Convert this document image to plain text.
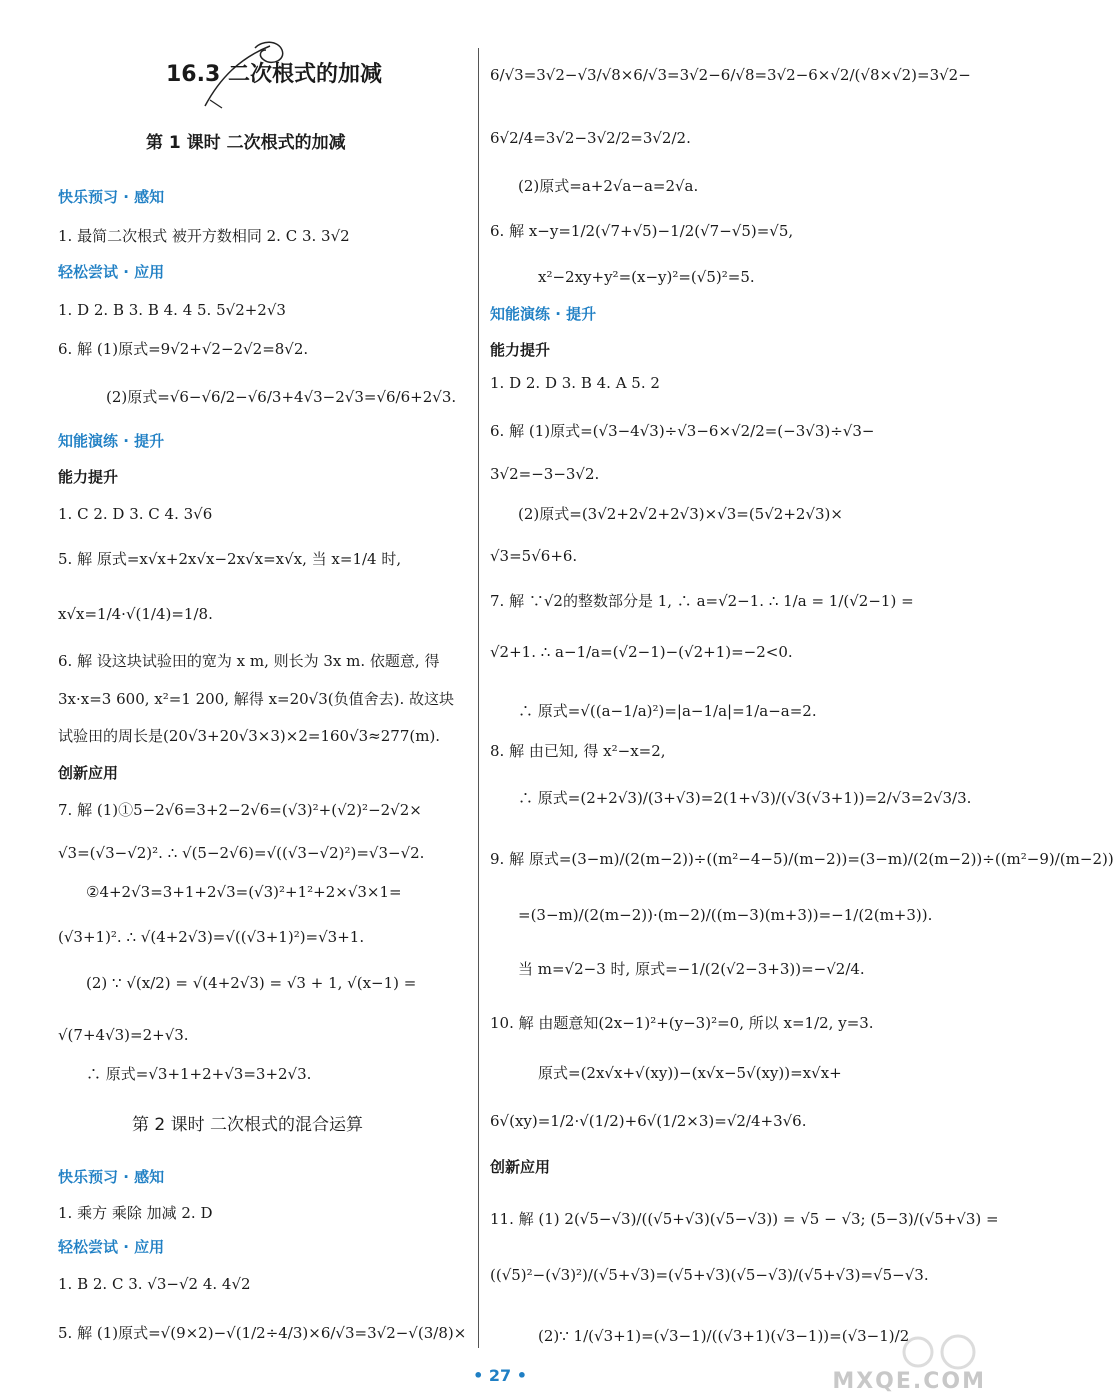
16.3 二次根式的加减
第 1 课时 二次根式的加减
快乐预习 · 感知
1. 最简二次根式 被开方数相同 2. C 3. 3√2
轻松尝试 · 应用
1. D 2. B 3. B 4. 4 5. 5√2+2√3
6. 解 (1)原式=9√2+√2−2√2=8√2.
(2)原式=√6−√6/2−√6/3+4√3−2√3=√6/6+2√3.
知能演练 · 提升
能力提升
1. C 2. D 3. C 4. 3√6
5. 解 原式=x√x+2x√x−2x√x=x√x, 当 x=1/4 时,
x√x=1/4·√(1/4)=1/8.
6. 解 设这块试验田的宽为 x m, 则长为 3x m. 依题意, 得
3x·x=3 600, x²=1 200, 解得 x=20√3(负值舍去). 故这块
试验田的周长是(20√3+20√3×3)×2=160√3≈277(m).
创新应用
7. 解 (1)①5−2√6=3+2−2√6=(√3)²+(√2)²−2√2×
√3=(√3−√2)². ∴ √(5−2√6)=√((√3−√2)²)=√3−√2.
②4+2√3=3+1+2√3=(√3)²+1²+2×√3×1=
(√3+1)². ∴ √(4+2√3)=√((√3+1)²)=√3+1.
(2) ∵ √(x/2) = √(4+2√3) = √3 + 1, √(x−1) =
√(7+4√3)=2+√3.
∴ 原式=√3+1+2+√3=3+2√3.
第 2 课时 二次根式的混合运算
快乐预习 · 感知
1. 乘方 乘除 加减 2. D
轻松尝试 · 应用
1. B 2. C 3. √3−√2 4. 4√2
5. 解 (1)原式=√(9×2)−√(1/2÷4/3)×6/√3=3√2−√(3/8)×
6/√3=3√2−√3/√8×6/√3=3√2−6/√8=3√2−6×√2/(√8×√2)=3√2−
6√2/4=3√2−3√2/2=3√2/2.
(2)原式=a+2√a−a=2√a.
6. 解 x−y=1/2(√7+√5)−1/2(√7−√5)=√5,
x²−2xy+y²=(x−y)²=(√5)²=5.
知能演练 · 提升
能力提升
1. D 2. D 3. B 4. A 5. 2
6. 解 (1)原式=(√3−4√3)÷√3−6×√2/2=(−3√3)÷√3−
3√2=−3−3√2.
(2)原式=(3√2+2√2+2√3)×√3=(5√2+2√3)×
√3=5√6+6.
7. 解 ∵√2的整数部分是 1, ∴ a=√2−1. ∴ 1/a = 1/(√2−1) =
√2+1. ∴ a−1/a=(√2−1)−(√2+1)=−2<0.
∴ 原式=√((a−1/a)²)=|a−1/a|=1/a−a=2.
8. 解 由已知, 得 x²−x=2,
∴ 原式=(2+2√3)/(3+√3)=2(1+√3)/(√3(√3+1))=2/√3=2√3/3.
9. 解 原式=(3−m)/(2(m−2))÷((m²−4−5)/(m−2))=(3−m)/(2(m−2))÷((m²−9)/(m−2))
=(3−m)/(2(m−2))·(m−2)/((m−3)(m+3))=−1/(2(m+3)).
当 m=√2−3 时, 原式=−1/(2(√2−3+3))=−√2/4.
10. 解 由题意知(2x−1)²+(y−3)²=0, 所以 x=1/2, y=3.
原式=(2x√x+√(xy))−(x√x−5√(xy))=x√x+
6√(xy)=1/2·√(1/2)+6√(1/2×3)=√2/4+3√6.
创新应用
11. 解 (1) 2(√5−√3)/((√5+√3)(√5−√3)) = √5 − √3; (5−3)/(√5+√3) =
((√5)²−(√3)²)/(√5+√3)=(√5+√3)(√5−√3)/(√5+√3)=√5−√3.
(2)∵ 1/(√3+1)=(√3−1)/((√3+1)(√3−1))=(√3−1)/2
• 27 •	MXQE.COM
